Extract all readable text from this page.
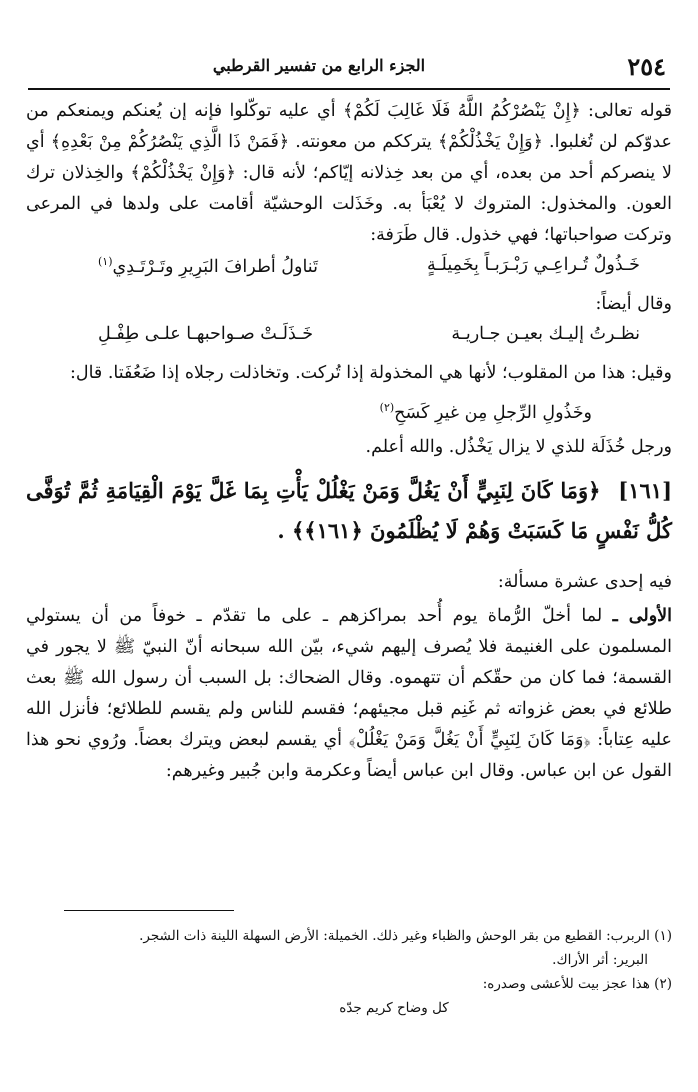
٢٥٤
الجزء الرابع من تفسير القرطبي

قوله تعالى: ﴿إِنْ يَنْصُرْكُمُ اللَّهُ فَلَا غَالِبَ لَكُمْ﴾ أي عليه توكّلوا فإنه إن يُعنكم ويمنعكم من عدوّكم لن تُغلبوا. ﴿وَإِنْ يَخْذُلْكُمْ﴾ يترككم من معونته. ﴿فَمَنْ ذَا الَّذِي يَنْصُرُكُمْ مِنْ بَعْدِهِ﴾ أي لا ينصركم أحد من بعده، أي من بعد خِذلانه إيّاكم؛ لأنه قال: ﴿وَإِنْ يَخْذُلْكُمْ﴾ والخِذلان ترك العون. والمخذول: المتروك لا يُعْبَأ به. وخَذَلت الوحشيّة أقامت على ولدها في المرعى وتركت صواحباتها؛ فهي خذول. قال طَرَفة:

خَـذُولٌ تُـراعِـي رَبْـرَبـاً بِخَمِيلَـةٍ
تَناولُ أطرافَ البَرِيرِ وتَـرْتَـدِي$^{(١)}$

وقال أيضاً:

نظـرتُ إليـك بعيـن جـاريـة
خَـذَلَـتْ صـواحبهـا علـى طِفْـلِ

وقيل: هذا من المقلوب؛ لأنها هي المخذولة إذا تُركت. وتخاذلت رجلاه إذا ضَعُفَتا. قال:

وخَذُولِ الرِّجلِ مِن غيرِ كَسَحِ$^{(٢)}$

ورجل خُذَلَة للذي لا يزال يَخْذُل. والله أعلم.

[١٦١] ﴿وَمَا كَانَ لِنَبِيٍّ أَنْ يَغُلَّ وَمَنْ يَغْلُلْ يَأْتِ بِمَا غَلَّ يَوْمَ الْقِيَامَةِ ثُمَّ تُوَفَّى كُلُّ نَفْسٍ مَا كَسَبَتْ وَهُمْ لَا يُظْلَمُونَ ﴿١٦١﴾﴾ .

فيه إحدى عشرة مسألة:

الأولى ـ لما أخلّ الرُّماة يوم أُحد بمراكزهم ـ على ما تقدّم ـ خوفاً من أن يستولي المسلمون على الغنيمة فلا يُصرف إليهم شيء، بيّن الله سبحانه أنّ النبيّ ﷺ لا يجور في القسمة؛ فما كان من حقّكم أن تتهموه. وقال الضحاك: بل السبب أن رسول الله ﷺ بعث طلائع في بعض غزواته ثم غَنِم قبل مجيئهم؛ فقسم للناس ولم يقسم للطلائع؛ فأنزل الله عليه عِتاباً: ﴿وَمَا كَانَ لِنَبِيٍّ أَنْ يَغُلَّ وَمَنْ يَغْلُلْ﴾ أي يقسم لبعض ويترك بعضاً. ورُوي نحو هذا القول عن ابن عباس. وقال ابن عباس أيضاً وعكرمة وابن جُبير وغيرهم:

(١) الربرب: القطيع من بقر الوحش والظباء وغير ذلك. الخميلة: الأرض السهلة اللينة ذات الشجر.

البرير: أثر الأراك.

(٢) هذا عجز بيت للأعشى وصدره:

كل وضاح كريم جدّه
